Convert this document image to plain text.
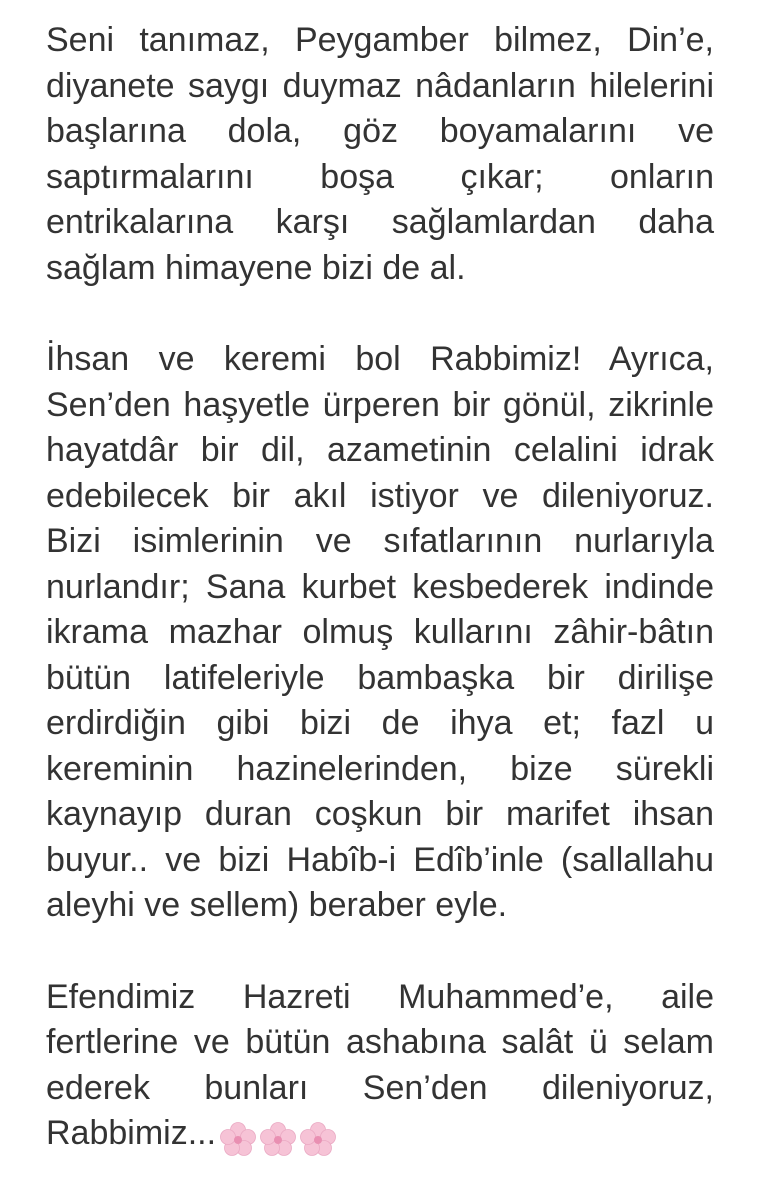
Seni tanımaz, Peygamber bilmez, Din’e,
diyanete saygı duymaz nâdanların hilelerini
başlarına dola, göz boyamalarını ve
saptırmalarını boşa çıkar; onların
entrikalarına karşı sağlamlardan daha
sağlam himayene bizi de al.
İhsan ve keremi bol Rabbimiz! Ayrıca,
Sen’den haşyetle ürperen bir gönül, zikrinle
hayatdâr bir dil, azametinin celalini idrak
edebilecek bir akıl istiyor ve dileniyoruz.
Bizi isimlerinin ve sıfatlarının nurlarıyla
nurlandır; Sana kurbet kesbederek indinde
ikrama mazhar olmuş kullarını zâhir-bâtın
bütün latifeleriyle bambaşka bir dirilişe
erdirdiğin gibi bizi de ihya et; fazl u
kereminin hazinelerinden, bize sürekli
kaynayıp duran coşkun bir marifet ihsan
buyur.. ve bizi Habîb-i Edîb’inle (sallallahu
aleyhi ve sellem) beraber eyle.
Efendimiz Hazreti Muhammed’e, aile
fertlerine ve bütün ashabına salât ü selam
ederek bunları Sen’den dileniyoruz,
Rabbimiz...
